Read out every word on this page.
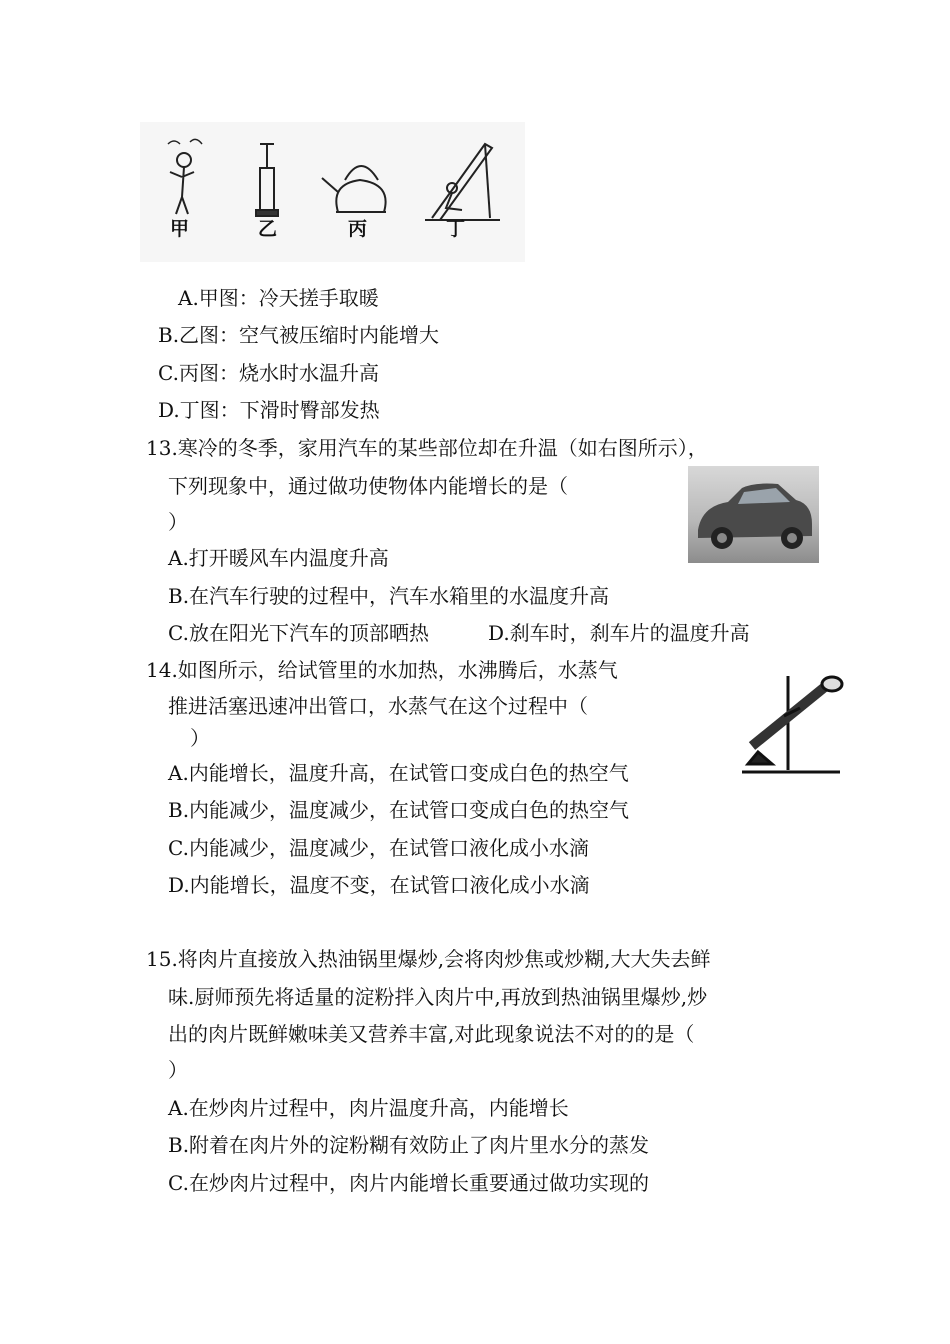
甲	乙	丙	丁
A.甲图：冷天搓手取暖
B.乙图：空气被压缩时内能增大
C.丙图：烧水时水温升高
D.丁图：下滑时臀部发热
13.寒冷的冬季，家用汽车的某些部位却在升温（如右图所示），
下列现象中，通过做功使物体内能增长的是（
）
A.打开暖风车内温度升高
B.在汽车行驶的过程中，汽车水箱里的水温度升高
C.放在阳光下汽车的顶部晒热	D.刹车时，刹车片的温度升高
14.如图所示，给试管里的水加热，水沸腾后，水蒸气
推进活塞迅速冲出管口，水蒸气在这个过程中（
）
A.内能增长，温度升高，在试管口变成白色的热空气
B.内能减少，温度减少，在试管口变成白色的热空气
C.内能减少，温度减少，在试管口液化成小水滴
D.内能增长，温度不变，在试管口液化成小水滴
15.将肉片直接放入热油锅里爆炒,会将肉炒焦或炒糊,大大失去鲜
味.厨师预先将适量的淀粉拌入肉片中,再放到热油锅里爆炒,炒
出的肉片既鲜嫩味美又营养丰富,对此现象说法不对的的是（
）
A.在炒肉片过程中，肉片温度升高，内能增长
B.附着在肉片外的淀粉糊有效防止了肉片里水分的蒸发
C.在炒肉片过程中，肉片内能增长重要通过做功实现的
